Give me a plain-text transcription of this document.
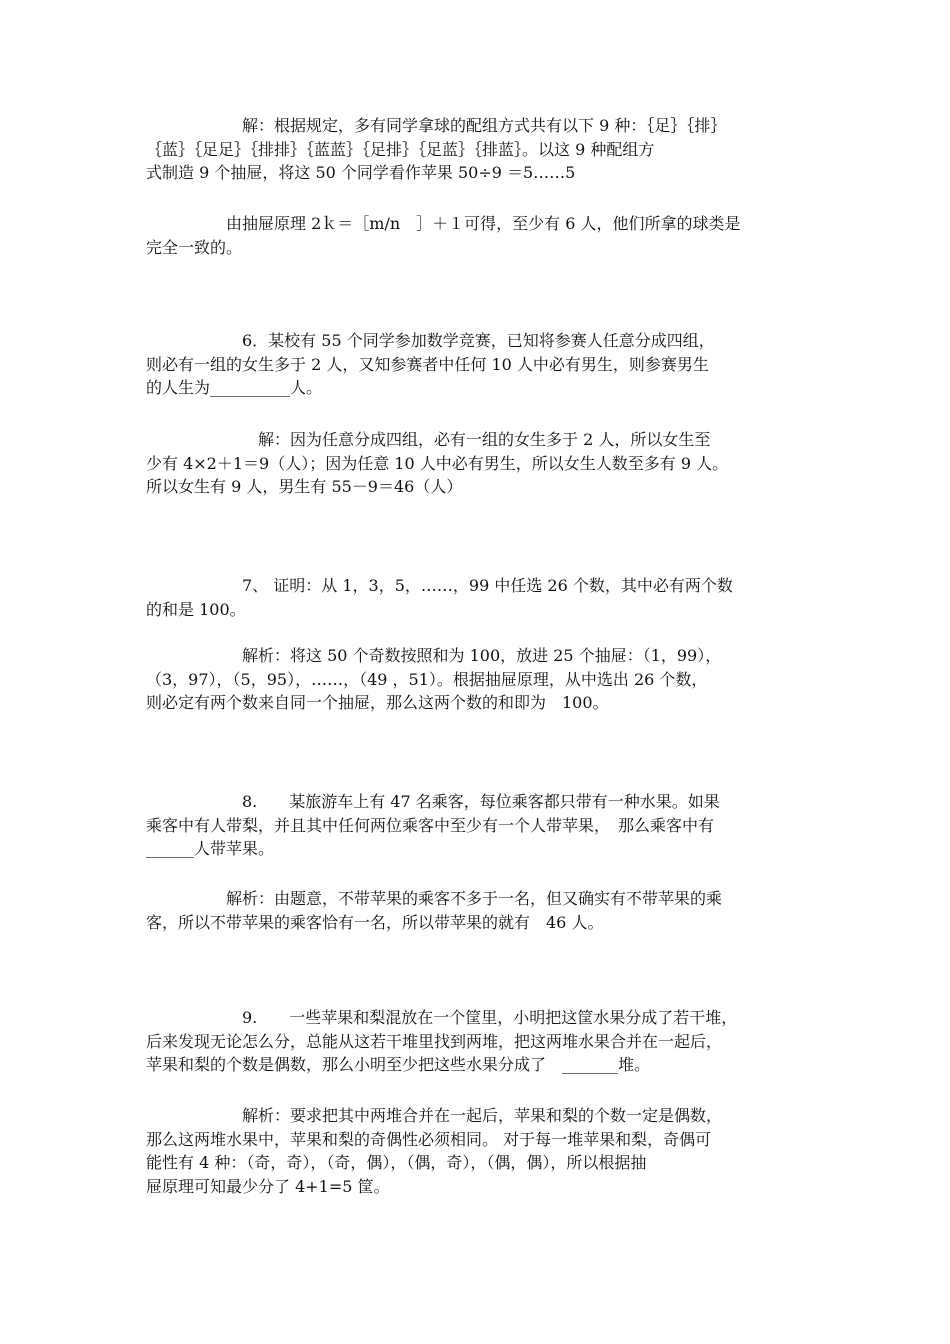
　　　　　　解：根据规定，多有同学拿球的配组方式共有以下 9 种：｛足｝｛排｝
｛蓝｝｛足足｝｛排排｝｛蓝蓝｝｛足排｝｛足蓝｝｛排蓝｝。以这 9 种配组方
式制造 9 个抽屉，将这 50 个同学看作苹果 50÷9 ＝5……5
　　　　　由抽屉原理 2ｋ＝［m/n　］＋１可得，至少有 6 人，他们所拿的球类是
完全一致的。
　　　　　　6．某校有 55 个同学参加数学竞赛，已知将参赛人任意分成四组，
则必有一组的女生多于 2 人，又知参赛者中任何 10 人中必有男生，则参赛男生
的人生为__________人。
　　　　　　　解：因为任意分成四组，必有一组的女生多于 2 人，所以女生至
少有 4×2＋1＝9（人）；因为任意 10 人中必有男生，所以女生人数至多有 9 人。
所以女生有 9 人，男生有 55－9＝46（人）
　　　　　　7、 证明：从 1，3，5，……，99 中任选 26 个数，其中必有两个数
的和是 100。
　　　　　　解析：将这 50 个奇数按照和为 100，放进 25 个抽屉：（1，99），
（3，97），（5，95），……，（49 ，51）。根据抽屉原理，从中选出 26 个数，
则必定有两个数来自同一个抽屉，那么这两个数的和即为　100。
　　　　　　8.　　某旅游车上有 47 名乘客，每位乘客都只带有一种水果。如果
乘客中有人带梨，并且其中任何两位乘客中至少有一个人带苹果，　那么乘客中有
______人带苹果。
　　　　　解析：由题意，不带苹果的乘客不多于一名，但又确实有不带苹果的乘
客，所以不带苹果的乘客恰有一名，所以带苹果的就有　46 人。
　　　　　　9.　　一些苹果和梨混放在一个筐里，小明把这筐水果分成了若干堆，
后来发现无论怎么分，总能从这若干堆里找到两堆，把这两堆水果合并在一起后，
苹果和梨的个数是偶数，那么小明至少把这些水果分成了　_______堆。
　　　　　　解析：要求把其中两堆合并在一起后，苹果和梨的个数一定是偶数，
那么这两堆水果中，苹果和梨的奇偶性必须相同。 对于每一堆苹果和梨，奇偶可
能性有 4 种：（奇，奇），（奇，偶），（偶，奇），（偶，偶），所以根据抽
屉原理可知最少分了 4+1=5 筐。
